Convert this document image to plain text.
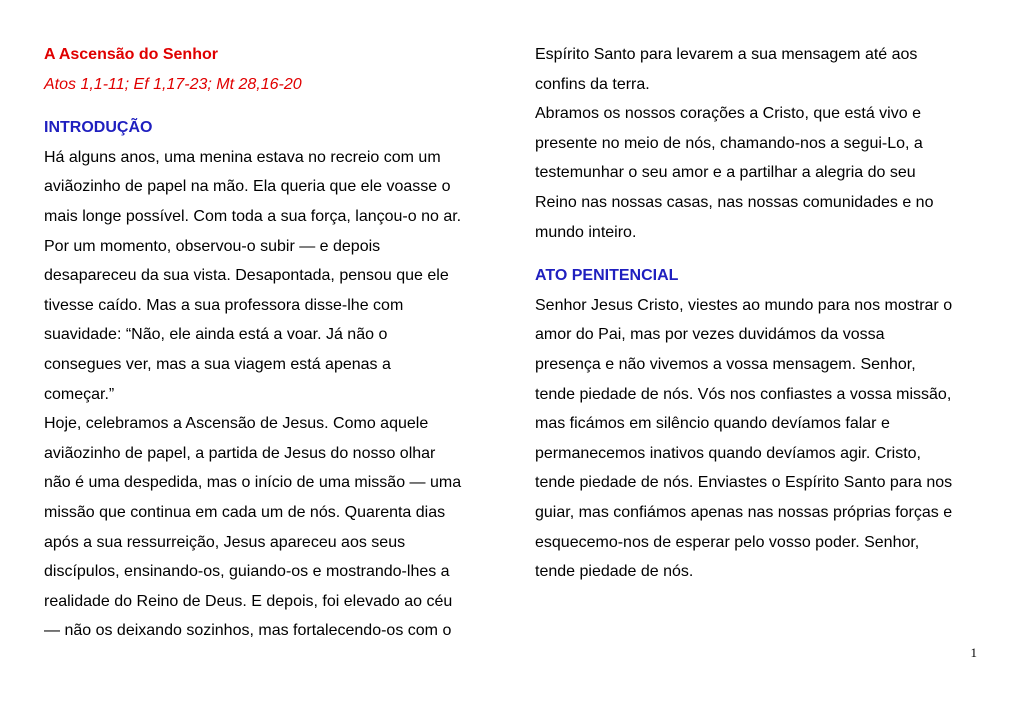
A Ascensão do Senhor
Atos 1,1-11; Ef 1,17-23; Mt 28,16-20
INTRODUÇÃO
Há alguns anos, uma menina estava no recreio com um
aviãozinho de papel na mão. Ela queria que ele voasse o
mais longe possível. Com toda a sua força, lançou-o no ar.
Por um momento, observou-o subir — e depois
desapareceu da sua vista. Desapontada, pensou que ele
tivesse caído. Mas a sua professora disse-lhe com
suavidade: “Não, ele ainda está a voar. Já não o
consegues ver, mas a sua viagem está apenas a
começar.”
Hoje, celebramos a Ascensão de Jesus. Como aquele
aviãozinho de papel, a partida de Jesus do nosso olhar
não é uma despedida, mas o início de uma missão — uma
missão que continua em cada um de nós. Quarenta dias
após a sua ressurreição, Jesus apareceu aos seus
discípulos, ensinando-os, guiando-os e mostrando-lhes a
realidade do Reino de Deus. E depois, foi elevado ao céu
— não os deixando sozinhos, mas fortalecendo-os com o
Espírito Santo para levarem a sua mensagem até aos
confins da terra.
Abramos os nossos corações a Cristo, que está vivo e
presente no meio de nós, chamando-nos a segui-Lo, a
testemunhar o seu amor e a partilhar a alegria do seu
Reino nas nossas casas, nas nossas comunidades e no
mundo inteiro.
ATO PENITENCIAL
Senhor Jesus Cristo, viestes ao mundo para nos mostrar o
amor do Pai, mas por vezes duvidámos da vossa
presença e não vivemos a vossa mensagem. Senhor,
tende piedade de nós. Vós nos confiastes a vossa missão,
mas ficámos em silêncio quando devíamos falar e
permanecemos inativos quando devíamos agir. Cristo,
tende piedade de nós. Enviastes o Espírito Santo para nos
guiar, mas confiámos apenas nas nossas próprias forças e
esquecemo-nos de esperar pelo vosso poder. Senhor,
tende piedade de nós.
1
